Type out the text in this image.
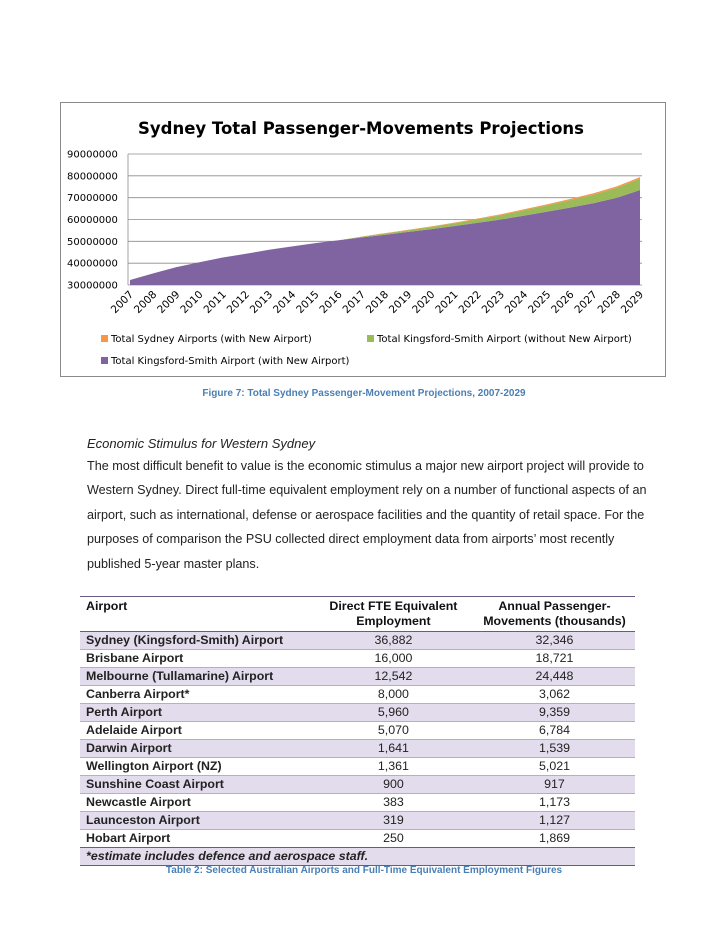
Sydney Total Passenger-Movements Projections
90000000
80000000
70000000
60000000
50000000
40000000
30000000
2007
2008
2009
2010
2011
2012
2013
2014
2015
2016
2017
2018
2019
2020
2021
2022
2023
2024
2025
2026
2027
2028
2029
Total Sydney Airports (with New Airport)	Total Kingsford-Smith Airport (without New Airport)
Total Kingsford-Smith Airport (with New Airport)
Figure 7: Total Sydney Passenger-Movement Projections, 2007-2029
Economic Stimulus for Western Sydney
The most difficult benefit to value is the economic stimulus a major new airport project will provide to Western Sydney. Direct full-time equivalent employment rely on a number of functional aspects of an airport, such as international, defense or aerospace facilities and the quantity of retail space. For the purposes of comparison the PSU collected direct employment data from airports’ most recently published 5-year master plans.
Airport	Direct FTE Equivalent Employment	Annual Passenger-Movements (thousands)
Sydney (Kingsford-Smith) Airport	36,882	32,346
Brisbane Airport	16,000	18,721
Melbourne (Tullamarine) Airport	12,542	24,448
Canberra Airport*	8,000	3,062
Perth Airport	5,960	9,359
Adelaide Airport	5,070	6,784
Darwin Airport	1,641	1,539
Wellington Airport (NZ)	1,361	5,021
Sunshine Coast Airport	900	917
Newcastle Airport	383	1,173
Launceston Airport	319	1,127
Hobart Airport	250	1,869
*estimate includes defence and aerospace staff.		
Table 2: Selected Australian Airports and Full-Time Equivalent Employment Figures
